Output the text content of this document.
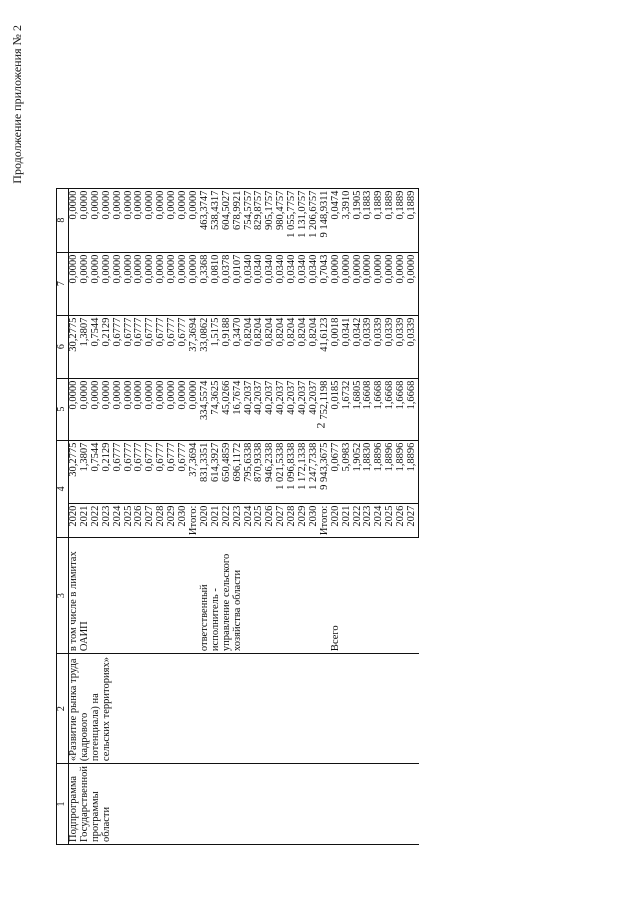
2
Продолжение приложения № 2
1	2	3	4		5	6	7	8
Подпрограмма Государственной программы области	«Развитие рынка труда (кадрового потенциала) на сельских территориях»	в том числе в лимитах ОАИП	2020	30,2775	0,0000	30,2775	0,0000	0,0000
			2021	1,3807	0,0000	1,3807	0,0000	0,0000
			2022	0,7544	0,0000	0,7544	0,0000	0,0000
			2023	0,2129	0,0000	0,2129	0,0000	0,0000
			2024	0,6777	0,0000	0,6777	0,0000	0,0000
			2025	0,6777	0,0000	0,6777	0,0000	0,0000
			2026	0,6777	0,0000	0,6777	0,0000	0,0000
			2027	0,6777	0,0000	0,6777	0,0000	0,0000
			2028	0,6777	0,0000	0,6777	0,0000	0,0000
			2029	0,6777	0,0000	0,6777	0,0000	0,0000
			2030	0,6777	0,0000	0,6777	0,0000	0,0000
			Итого:	37,3694	0,0000	37,3694	0,0000	0,0000
		ответственный исполнитель - управление сельского хозяйства области	2020	831,3351	334,5574	33,0862	0,3368	463,3747
			2021	614,3927	74,3625	1,5175	0,0810	538,4317
			2022	650,4859	45,0266	0,9188	0,0378	604,5027
			2023	696,1172	16,7674	0,3470	0,0107	678,9921
			2024	795,6338	40,2037	0,8204	0,0340	754,5757
			2025	870,9338	40,2037	0,8204	0,0340	829,8757
			2026	946,2338	40,2037	0,8204	0,0340	905,1757
			2027	1 021,5338	40,2037	0,8204	0,0340	980,4757
			2028	1 096,8338	40,2037	0,8204	0,0340	1 055,7757
			2029	1 172,1338	40,2037	0,8204	0,0340	1 131,0757
			2030	1 247,7338	40,2037	0,8204	0,0340	1 206,6757
			Итого:	9 943,3675	752,1198	41,6123	0,7043	9 148,9311
		Всего	2020	0,0677	0,0185	0,0018	0,0000	0,0474
			2021	5,0983	1,6732	0,0341	0,0000	3,3910
			2022	1,9052	1,6805	0,0342	0,0000	0,1905
			2023	1,8830	1,6608	0,0339	0,0000	0,1883
			2024	1,8896	1,6668	0,0339	0,0000	0,1889
			2025	1,8896	1,6668	0,0339	0,0000	0,1889
			2026	1,8896	1,6668	0,0339	0,0000	0,1889
			2027	1,8896	1,6668	0,0339	0,0000	0,1889
